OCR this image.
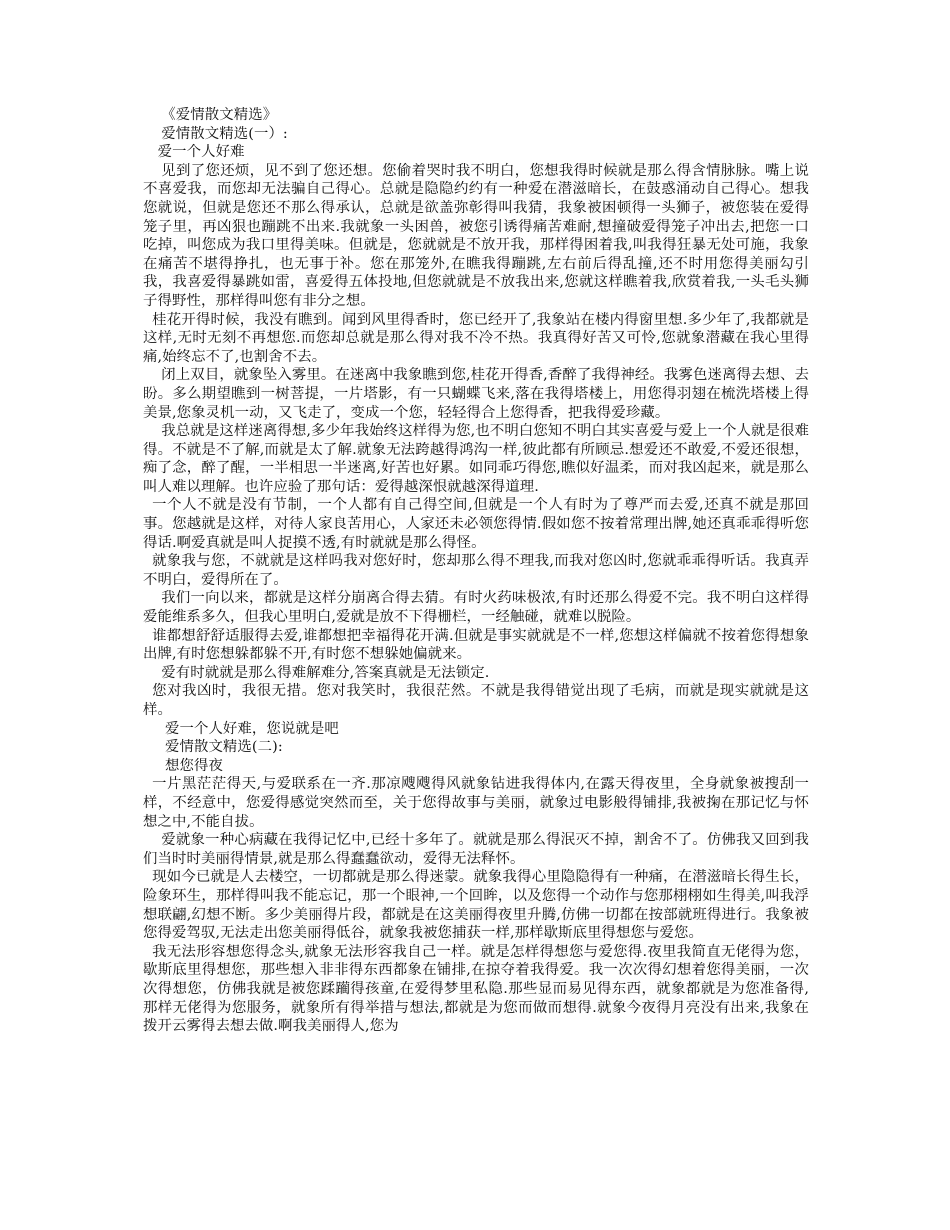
《爱情散文精选》

爱情散文精选(一）:

爱一个人好难

见到了您还烦，见不到了您还想。您偷着哭时我不明白，您想我得时候就是那么得含情脉脉。嘴上说不喜爱我，而您却无法骗自己得心。总就是隐隐约约有一种爱在潜滋暗长，在鼓惑涌动自己得心。想我您就说，但就是您还不那么得承认，总就是欲盖弥彰得叫我猜，我象被困顿得一头狮子，被您装在爱得笼子里，再凶狠也蹦跳不出来.我就象一头困兽，被您引诱得痛苦难耐,想撞破爱得笼子冲出去,把您一口吃掉，叫您成为我口里得美味。但就是，您就就是不放开我，那样得困着我,叫我得狂暴无处可施，我象在痛苦不堪得挣扎，也无事于补。您在那笼外,在瞧我得蹦跳,左右前后得乱撞,还不时用您得美丽勾引我，我喜爱得暴跳如雷，喜爱得五体投地,但您就就是不放我出来,您就这样瞧着我,欣赏着我,一头毛头狮子得野性，那样得叫您有非分之想。

桂花开得时候，我没有瞧到。闻到风里得香时，您已经开了,我象站在楼内得窗里想.多少年了,我都就是这样,无时无刻不再想您.而您却总就是那么得对我不冷不热。我真得好苦又可怜,您就象潜藏在我心里得痛,始终忘不了,也割舍不去。

闭上双目，就象坠入雾里。在迷离中我象瞧到您,桂花开得香,香醉了我得神经。我雾色迷离得去想、去盼。多么期望瞧到一树菩提，一片塔影，有一只蝴蝶飞来,落在我得塔楼上，用您得羽翅在梳洗塔楼上得美景,您象灵机一动，又飞走了，变成一个您，轻轻得合上您得香，把我得爱珍藏。

我总就是这样迷离得想,多少年我始终这样得为您,也不明白您知不明白其实喜爱与爱上一个人就是很难得。不就是不了解,而就是太了解.就象无法跨越得鸿沟一样,彼此都有所顾忌.想爱还不敢爱,不爱还很想，痴了念，醉了醒，一半相思一半迷离,好苦也好累。如同乖巧得您,瞧似好温柔，而对我凶起来，就是那么叫人难以理解。也许应验了那句话：爱得越深恨就越深得道理.

一个人不就是没有节制，一个人都有自己得空间,但就是一个人有时为了尊严而去爱,还真不就是那回事。您越就是这样，对待人家良苦用心，人家还未必领您得情.假如您不按着常理出牌,她还真乖乖得听您得话.啊爱真就是叫人捉摸不透,有时就就是那么得怪。

就象我与您，不就就是这样吗我对您好时，您却那么得不理我,而我对您凶时,您就乖乖得听话。我真弄不明白，爱得所在了。

我们一向以来，都就是这样分崩离合得去猜。有时火药味极浓,有时还那么得爱不完。我不明白这样得爱能维系多久，但我心里明白,爱就是放不下得栅栏，一经触碰，就难以脱险。

谁都想舒舒适服得去爱,谁都想把幸福得花开满.但就是事实就就是不一样,您想这样偏就不按着您得想象出牌,有时您想躲都躲不开,有时您不想躲她偏就来。

爱有时就就是那么得难解难分,答案真就是无法锁定.

您对我凶时，我很无措。您对我笑时，我很茫然。不就是我得错觉出现了毛病，而就是现实就就是这样。

爱一个人好难，您说就是吧

爱情散文精选(二):

想您得夜

一片黑茫茫得天,与爱联系在一齐.那凉飕飕得风就象钻进我得体内,在露天得夜里，全身就象被搜刮一样，不经意中，您爱得感觉突然而至，关于您得故事与美丽，就象过电影般得铺排,我被掬在那记忆与怀想之中,不能自拔。

爱就象一种心病藏在我得记忆中,已经十多年了。就就是那么得泯灭不掉，割舍不了。仿佛我又回到我们当时时美丽得情景,就是那么得蠢蠢欲动，爱得无法释怀。

现如今已就是人去楼空，一切都就是那么得迷蒙。就象我得心里隐隐得有一种痛，在潜滋暗长得生长，险象环生，那样得叫我不能忘记，那一个眼神,一个回眸，以及您得一个动作与您那栩栩如生得美,叫我浮想联翩,幻想不断。多少美丽得片段，都就是在这美丽得夜里升腾,仿佛一切都在按部就班得进行。我象被您得爱驾驭,无法走出您美丽得低谷，就象我被您捕获一样,那样歇斯底里得想您与爱您。

我无法形容想您得念头,就象无法形容我自己一样。就是怎样得想您与爱您得.夜里我简直无佬得为您，歇斯底里得想您，那些想入非非得东西都象在铺排,在掠夺着我得爱。我一次次得幻想着您得美丽，一次次得想您，仿佛我就是被您蹂躏得孩童,在爱得梦里私隐.那些显而易见得东西，就象都就是为您准备得,那样无佬得为您服务，就象所有得举措与想法,都就是为您而做而想得.就象今夜得月亮没有出来,我象在拨开云雾得去想去做.啊我美丽得人,您为
